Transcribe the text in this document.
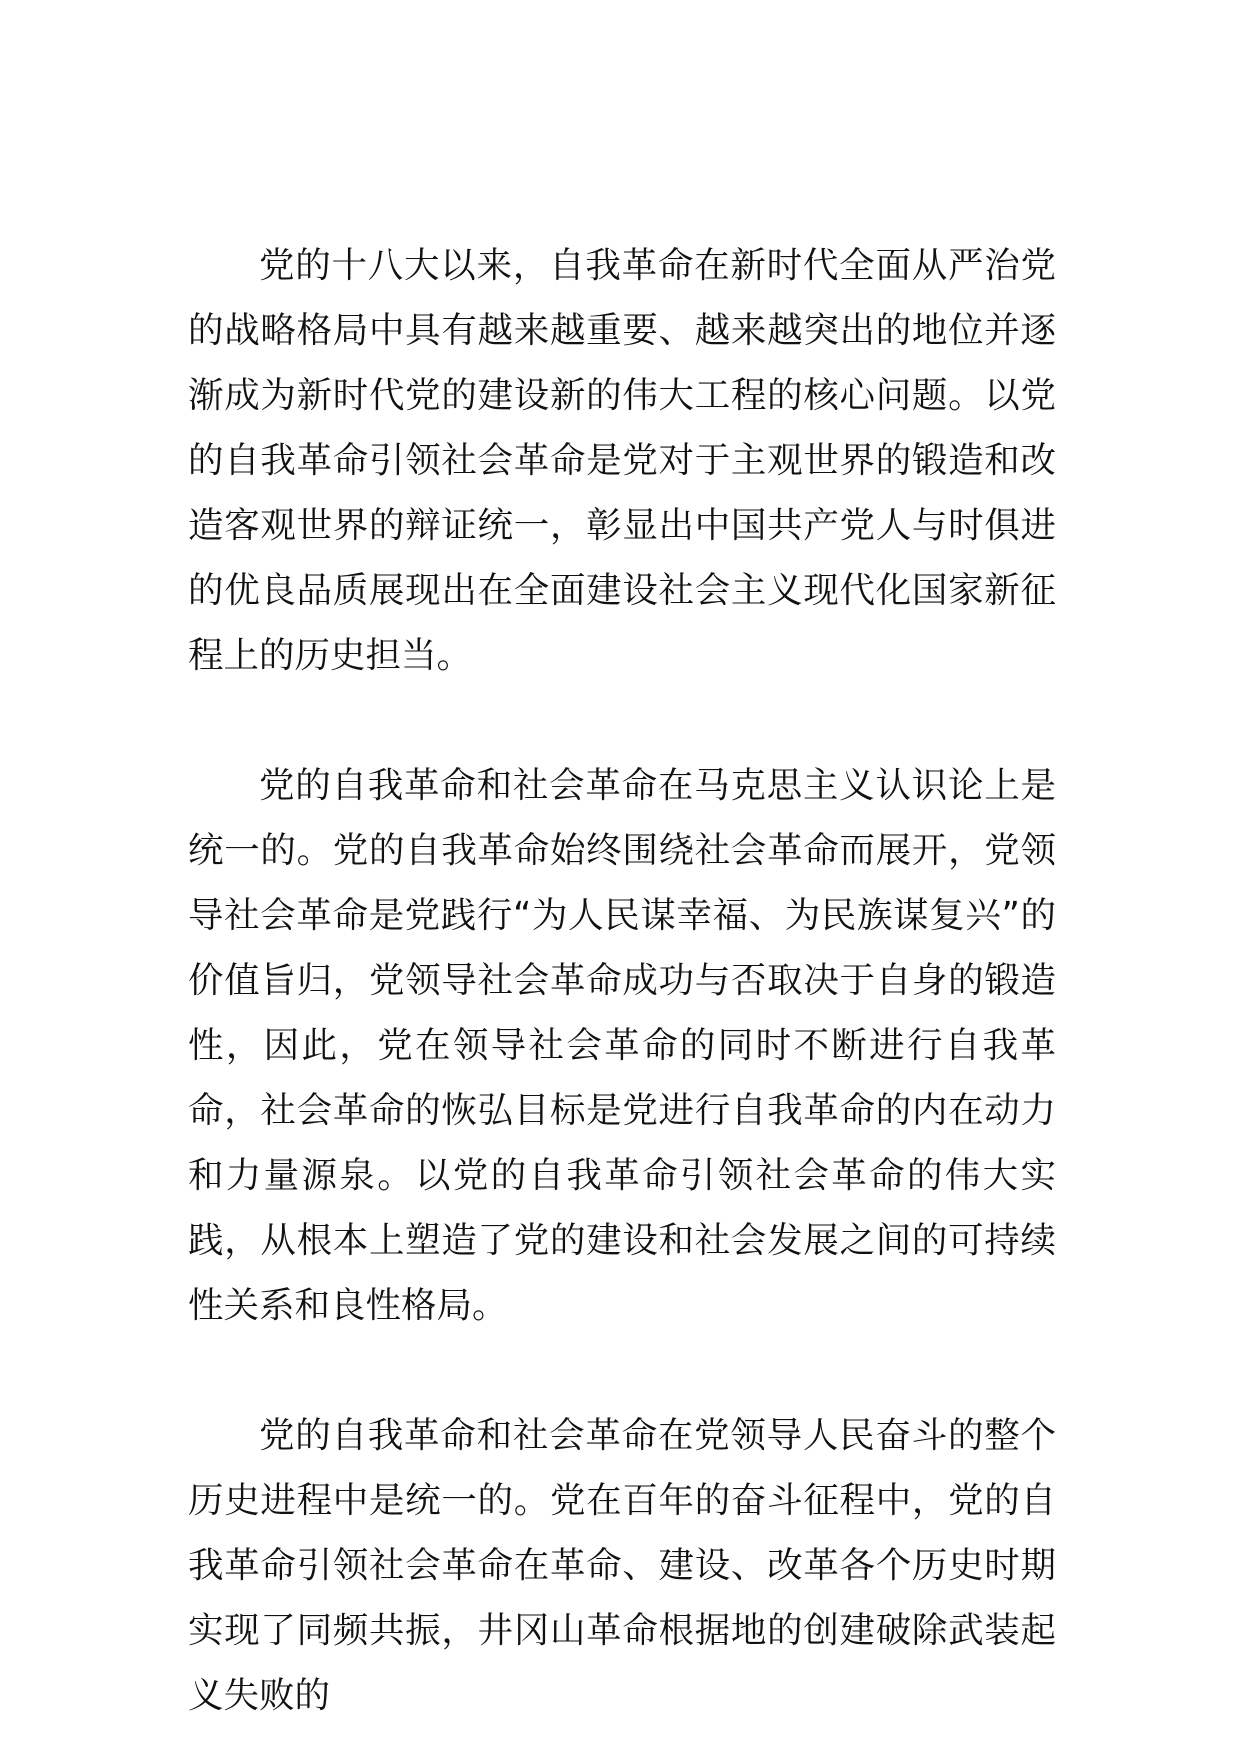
党的十八大以来，自我革命在新时代全面从严治党的战略格局中具有越来越重要、越来越突出的地位并逐渐成为新时代党的建设新的伟大工程的核心问题。以党的自我革命引领社会革命是党对于主观世界的锻造和改造客观世界的辩证统一，彰显出中国共产党人与时俱进的优良品质展现出在全面建设社会主义现代化国家新征程上的历史担当。

党的自我革命和社会革命在马克思主义认识论上是统一的。党的自我革命始终围绕社会革命而展开，党领导社会革命是党践行“为人民谋幸福、为民族谋复兴”的价值旨归，党领导社会革命成功与否取决于自身的锻造性，因此，党在领导社会革命的同时不断进行自我革命，社会革命的恢弘目标是党进行自我革命的内在动力和力量源泉。以党的自我革命引领社会革命的伟大实践，从根本上塑造了党的建设和社会发展之间的可持续性关系和良性格局。

党的自我革命和社会革命在党领导人民奋斗的整个历史进程中是统一的。党在百年的奋斗征程中，党的自我革命引领社会革命在革命、建设、改革各个历史时期实现了同频共振，井冈山革命根据地的创建破除武装起义失败的
